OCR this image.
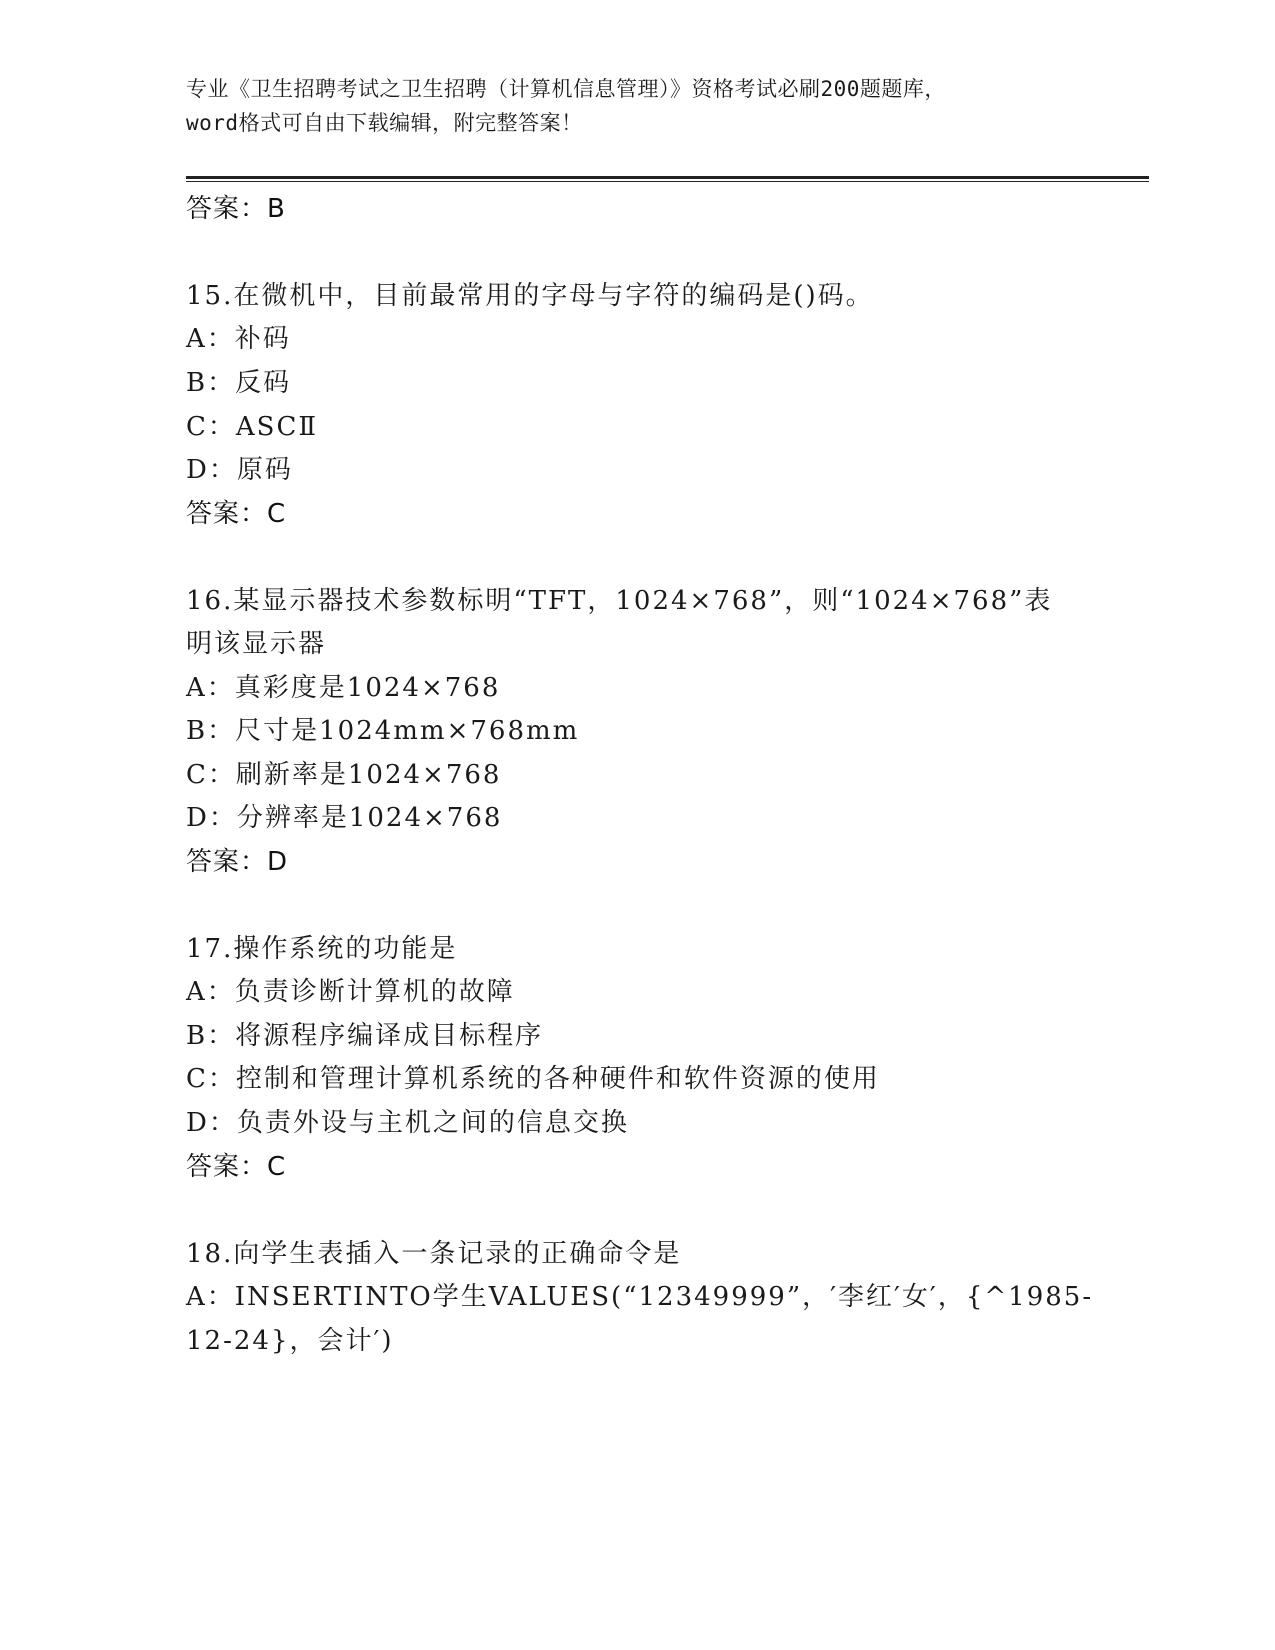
专业《卫生招聘考试之卫生招聘（计算机信息管理）》资格考试必刷200题题库，
word格式可自由下载编辑，附完整答案！
答案：B
15.在微机中，目前最常用的字母与字符的编码是()码。
A：补码
B：反码
C：ASCⅡ
D：原码
答案：C
16.某显示器技术参数标明“TFT，1024×768”，则“1024×768”表
明该显示器
A：真彩度是1024×768
B：尺寸是1024mm×768mm
C：刷新率是1024×768
D：分辨率是1024×768
答案：D
17.操作系统的功能是
A：负责诊断计算机的故障
B：将源程序编译成目标程序
C：控制和管理计算机系统的各种硬件和软件资源的使用
D：负责外设与主机之间的信息交换
答案：C
18.向学生表插入一条记录的正确命令是
A：INSERTINTO学生VALUES(“12349999”，′李红′女′，{^1985-
12-24}，会计′)
